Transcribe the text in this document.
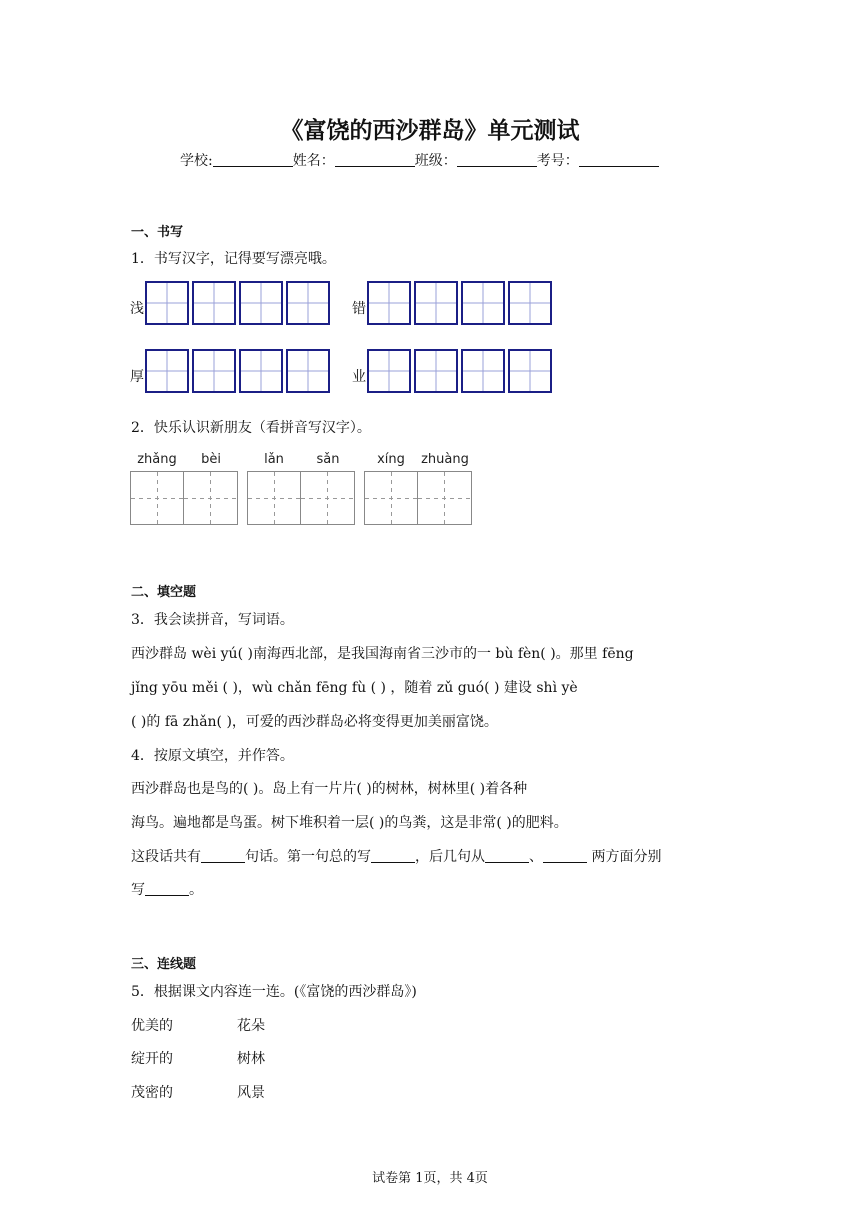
《富饶的西沙群岛》单元测试
学校:	姓名：	班级：	考号：
一、书写
1．书写汉字，记得要写漂亮哦。
浅	错
厚	业
2．快乐认识新朋友（看拼音写汉字）。
zhǎng	bèi	lǎn	sǎn	xíng	zhuàng
二、填空题
3．我会读拼音，写词语。
西沙群岛 wèi yú( )南海西北部，是我国海南省三沙市的一 bù fèn( )。那里 fēng
jǐng yōu měi ( )，wù chǎn fēng fù ( ) ，随着 zǔ guó( ) 建设 shì yè
( )的 fā zhǎn( )，可爱的西沙群岛必将变得更加美丽富饶。
4．按原文填空，并作答。
西沙群岛也是鸟的( )。岛上有一片片( )的树林，树林里( )着各种
海鸟。遍地都是鸟蛋。树下堆积着一层( )的鸟粪，这是非常( )的肥料。
这段话共有	句话。第一句总的写	，后几句从	、	两方面分别
写	。
三、连线题
5．根据课文内容连一连。(《富饶的西沙群岛》)
优美的	花朵
绽开的	树林
茂密的	风景
试卷第 1页，共 4页
